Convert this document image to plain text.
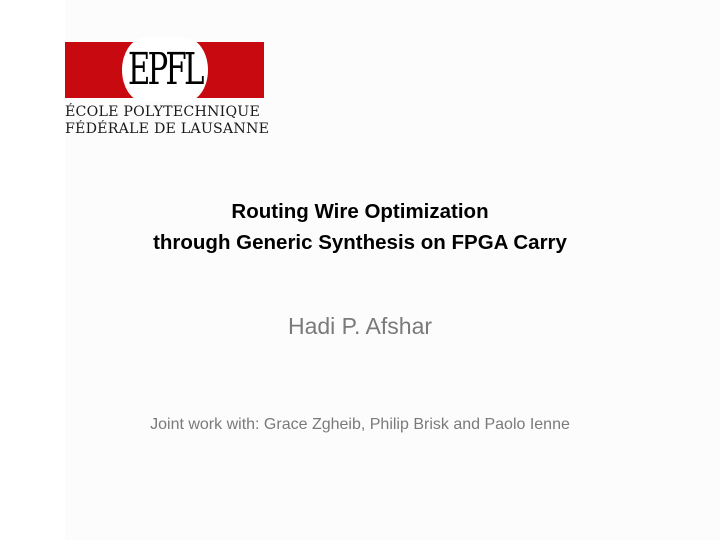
EPFL
ÉCOLE POLYTECHNIQUE
FÉDÉRALE DE LAUSANNE
Routing Wire Optimization
through Generic Synthesis on FPGA Carry
Hadi P. Afshar
Joint work with: Grace Zgheib, Philip Brisk and Paolo Ienne
